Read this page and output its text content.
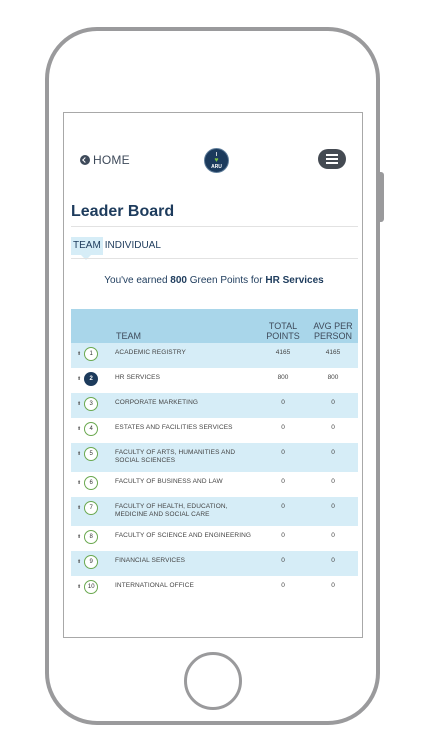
HOME	I
♥
ARU
Leader Board
TEAM INDIVIDUAL
You've earned 800 Green Points for HR Services
	TEAM	TOTAL POINTS	AVG PER PERSON
⬆︎ 1	ACADEMIC REGISTRY	4165	4165
⬆︎ 2	HR SERVICES	800	800
⬆︎ 3	CORPORATE MARKETING	0	0
⬆︎ 4	ESTATES AND FACILITIES SERVICES	0	0
⬆︎ 5	FACULTY OF ARTS, HUMANITIES AND SOCIAL SCIENCES	0	0
⬆︎ 6	FACULTY OF BUSINESS AND LAW	0	0
⬆︎ 7	FACULTY OF HEALTH, EDUCATION, MEDICINE AND SOCIAL CARE	0	0
⬆︎ 8	FACULTY OF SCIENCE AND ENGINEERING	0	0
⬆︎ 9	FINANCIAL SERVICES	0	0
⬆︎ 10	INTERNATIONAL OFFICE	0	0
